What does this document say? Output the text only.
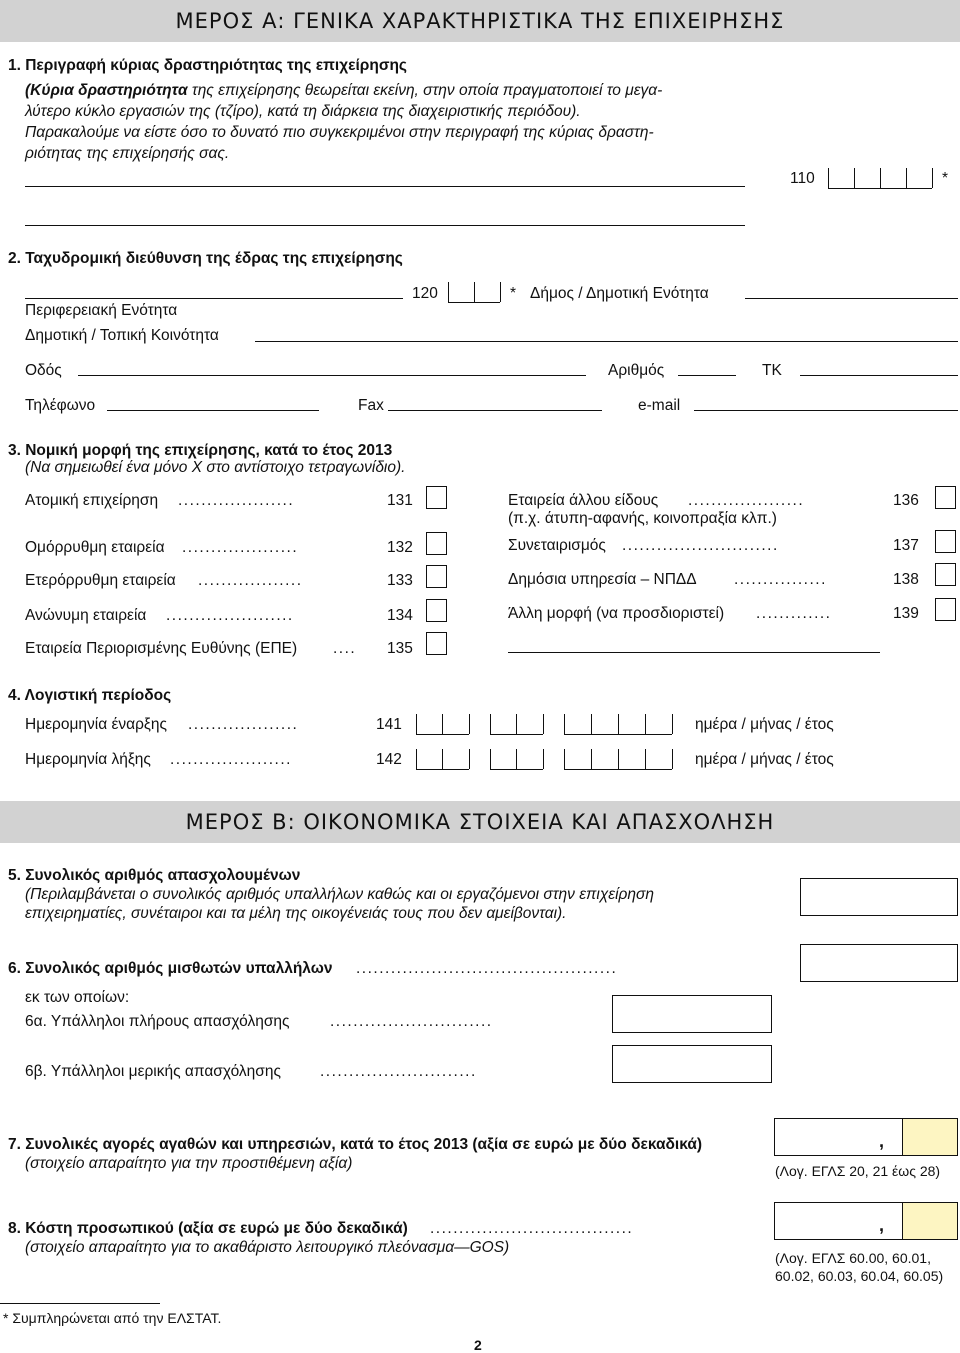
ΜΕΡΟΣ Α: ΓΕΝΙΚΑ ΧΑΡΑΚΤΗΡΙΣΤΙΚΑ ΤΗΣ ΕΠΙΧΕΙΡΗΣΗΣ
1. Περιγραφή κύριας δραστηριότητας της επιχείρησης

(Κύρια δραστηριότητα της επιχείρησης θεωρείται εκείνη, στην οποία πραγματοποιεί το μεγα-

λύτερο κύκλο εργασιών της (τζίρο), κατά τη διάρκεια της διαχειριστικής περιόδου).

Παρακαλούμε να είστε όσο το δυνατό πιο συγκεκριμένοι στην περιγραφή της κύριας δραστη-

ριότητας της επιχείρησής σας.

110	*
2. Ταχυδρομική διεύθυνση της έδρας της επιχείρησης
120	* Δήμος / Δημοτική Ενότητα
Περιφερειακή Ενότητα
Δημοτική / Τοπική Κοινότητα
Οδός	Αριθμός	ΤΚ
Τηλέφωνο	Fax	e-mail
3. Νομική μορφή της επιχείρησης, κατά το έτος 2013
(Να σημειωθεί ένα μόνο Χ στο αντίστοιχο τετραγωνίδιο).
Ατομική επιχείρηση ....................	131
Ομόρρυθμη εταιρεία ....................	132
Ετερόρρυθμη εταιρεία ..................	133
Ανώνυμη εταιρεία ......................	134
Εταιρεία Περιορισμένης Ευθύνης (ΕΠΕ) .... 135
Εταιρεία άλλου είδους ....................	136
(π.χ. άτυπη-αφανής, κοινοπραξία κλπ.)
Συνεταιρισμός ...........................	137
Δημόσια υπηρεσία – ΝΠΔΔ ................	138
Άλλη μορφή (να προσδιοριστεί) .............	139
4. Λογιστική περίοδος
Ημερομηνία έναρξης ...................	141	ημέρα / μήνας / έτος
Ημερομηνία λήξης .....................	142	ημέρα / μήνας / έτος
ΜΕΡΟΣ Β: ΟΙΚΟΝΟΜΙΚΑ ΣΤΟΙΧΕΙΑ ΚΑΙ ΑΠΑΣΧΟΛΗΣΗ
5. Συνολικός αριθμός απασχολουμένων
(Περιλαμβάνεται ο συνολικός αριθμός υπαλλήλων καθώς και οι εργαζόμενοι στην επιχείρηση
επιχειρηματίες, συνέταιροι και τα μέλη της οικογένειάς τους που δεν αμείβονται).
6. Συνολικός αριθμός μισθωτών υπαλλήλων .............................................
εκ των οποίων:
6α. Υπάλληλοι πλήρους απασχόλησης	............................
6β. Υπάλληλοι μερικής απασχόλησης	...........................
7. Συνολικές αγορές αγαθών και υπηρεσιών, κατά το έτος 2013 (αξία σε ευρώ με δύο δεκαδικά)
(στοιχείο απαραίτητο για την προστιθέμενη αξία)
,
(Λογ. ΕΓΛΣ 20, 21 έως 28)
8. Κόστη προσωπικού (αξία σε ευρώ με δύο δεκαδικά) ...................................
(στοιχείο απαραίτητο για το ακαθάριστο λειτουργικό πλεόνασμα—GOS)
,
(Λογ. ΕΓΛΣ 60.00, 60.01,
60.02, 60.03, 60.04, 60.05)
* Συμπληρώνεται από την ΕΛΣΤΑΤ.
2
